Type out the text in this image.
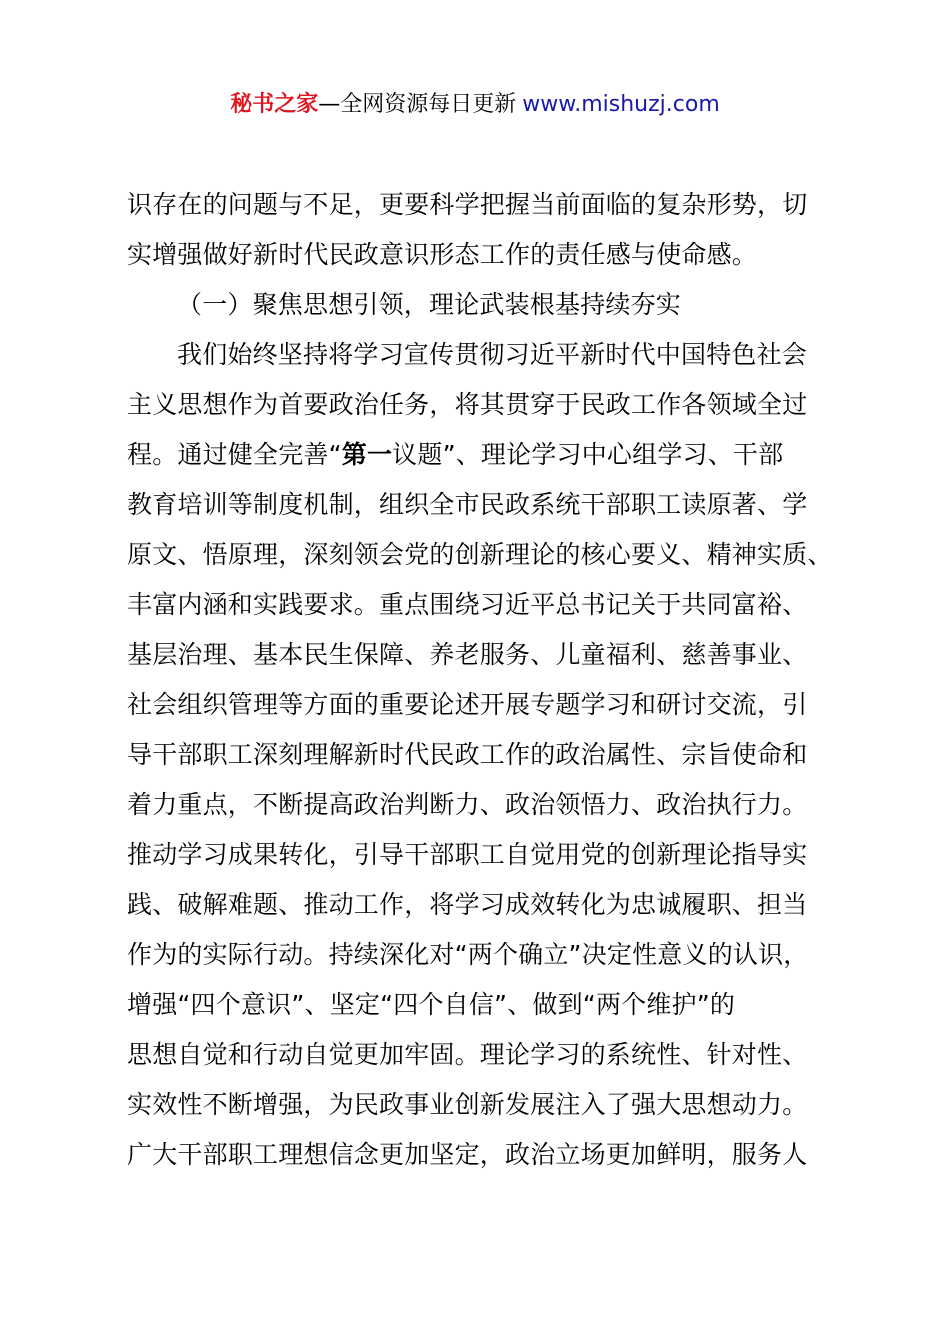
秘书之家—全网资源每日更新 www.mishuzj.com
识存在的问题与不足，更要科学把握当前面临的复杂形势，切
实增强做好新时代民政意识形态工作的责任感与使命感。
（一）聚焦思想引领，理论武装根基持续夯实
我们始终坚持将学习宣传贯彻习近平新时代中国特色社会
主义思想作为首要政治任务，将其贯穿于民政工作各领域全过
程。通过健全完善“第一议题”、理论学习中心组学习、干部
教育培训等制度机制，组织全市民政系统干部职工读原著、学
原文、悟原理，深刻领会党的创新理论的核心要义、精神实质、
丰富内涵和实践要求。重点围绕习近平总书记关于共同富裕、
基层治理、基本民生保障、养老服务、儿童福利、慈善事业、
社会组织管理等方面的重要论述开展专题学习和研讨交流，引
导干部职工深刻理解新时代民政工作的政治属性、宗旨使命和
着力重点，不断提高政治判断力、政治领悟力、政治执行力。
推动学习成果转化，引导干部职工自觉用党的创新理论指导实
践、破解难题、推动工作，将学习成效转化为忠诚履职、担当
作为的实际行动。持续深化对“两个确立”决定性意义的认识，
增强“四个意识”、坚定“四个自信”、做到“两个维护”的
思想自觉和行动自觉更加牢固。理论学习的系统性、针对性、
实效性不断增强，为民政事业创新发展注入了强大思想动力。
广大干部职工理想信念更加坚定，政治立场更加鲜明，服务人
